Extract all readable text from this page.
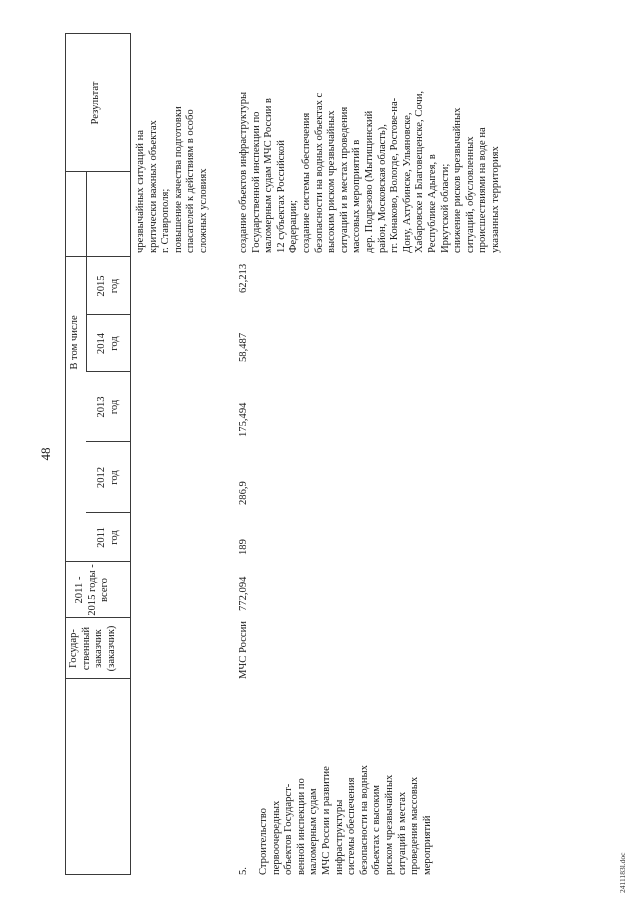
48
Государ- ственный заказчик (заказчик)
2011 - 2015 годы - всего
В том числе
2011 год
2012 год
2013 год
2014 год
2015 год
Результат
чрезвычайных ситуаций на критически важных объектах г. Ставрополя; повышение качества подготовки спасателей к действиям в особо сложных условиях
5. Строительство первоочередных объектов Государст- венной инспекции по маломерным судам МЧС России и развитие инфраструктуры системы обеспечения безопасности на водных объектах с высоким риском чрезвычайных ситуаций в местах проведения массовых мероприятий
МЧС России
772,094
189
286,9
175,494
58,487
62,213
создание объектов инфраструктуры Государственной инспекции по маломерным судам МЧС России в 12 субъектах Российской Федерации; создание системы обеспечения безопасности на водных объектах с высоким риском чрезвычайных ситуаций и в местах проведения массовых мероприятий в дер. Подрезово (Мытищинский район, Московская область), гг. Конаково, Вологде, Ростове-на- Дону, Ахтубинске, Ульяновске, Хабаровске и Благовещенске, Сочи, Республике Адыгея, в Иркутской области; снижение рисков чрезвычайных ситуаций, обусловленных происшествиями на воде на указанных территориях
2411183l.doc
